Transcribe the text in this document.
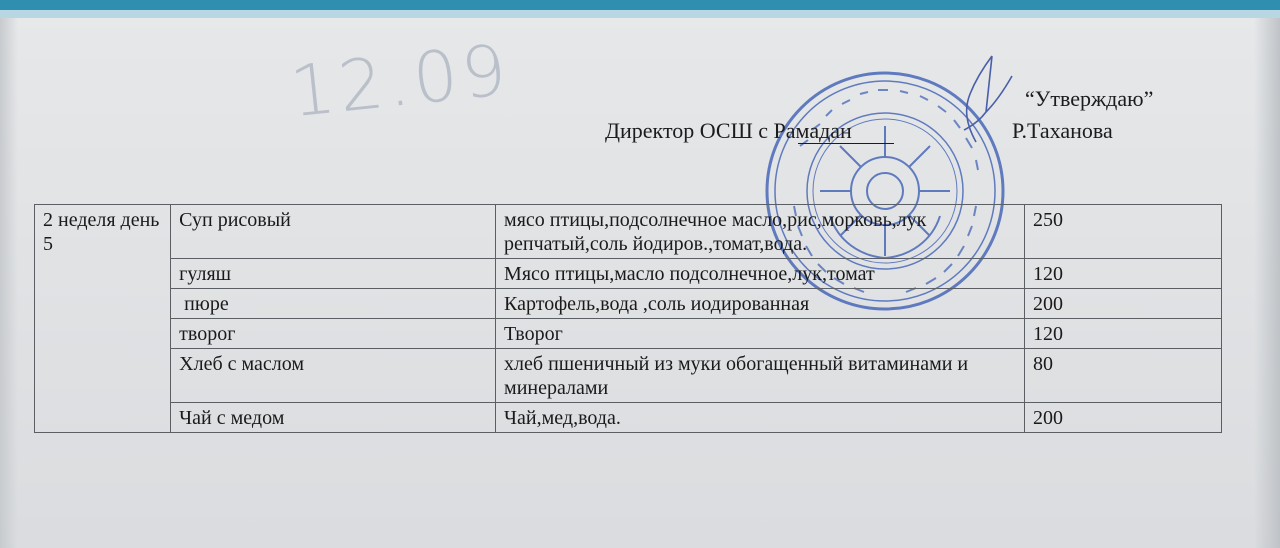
12.09	“Утверждаю”
Директор ОСШ с Рамадан	Р.Таханова
2 неделя день 5	Суп рисовый	мясо птицы,подсолнечное масло,рис,морковь,лук репчатый,соль йодиров.,томат,вода.	250
	гуляш	Мясо птицы,масло подсолнечное,лук,томат	120
	пюре	Картофель,вода ,соль иодированная	200
	творог	Творог	120
	Хлеб с маслом	хлеб пшеничный из муки обогащенный витаминами и минералами	80
	Чай с медом	Чай,мед,вода.	200
